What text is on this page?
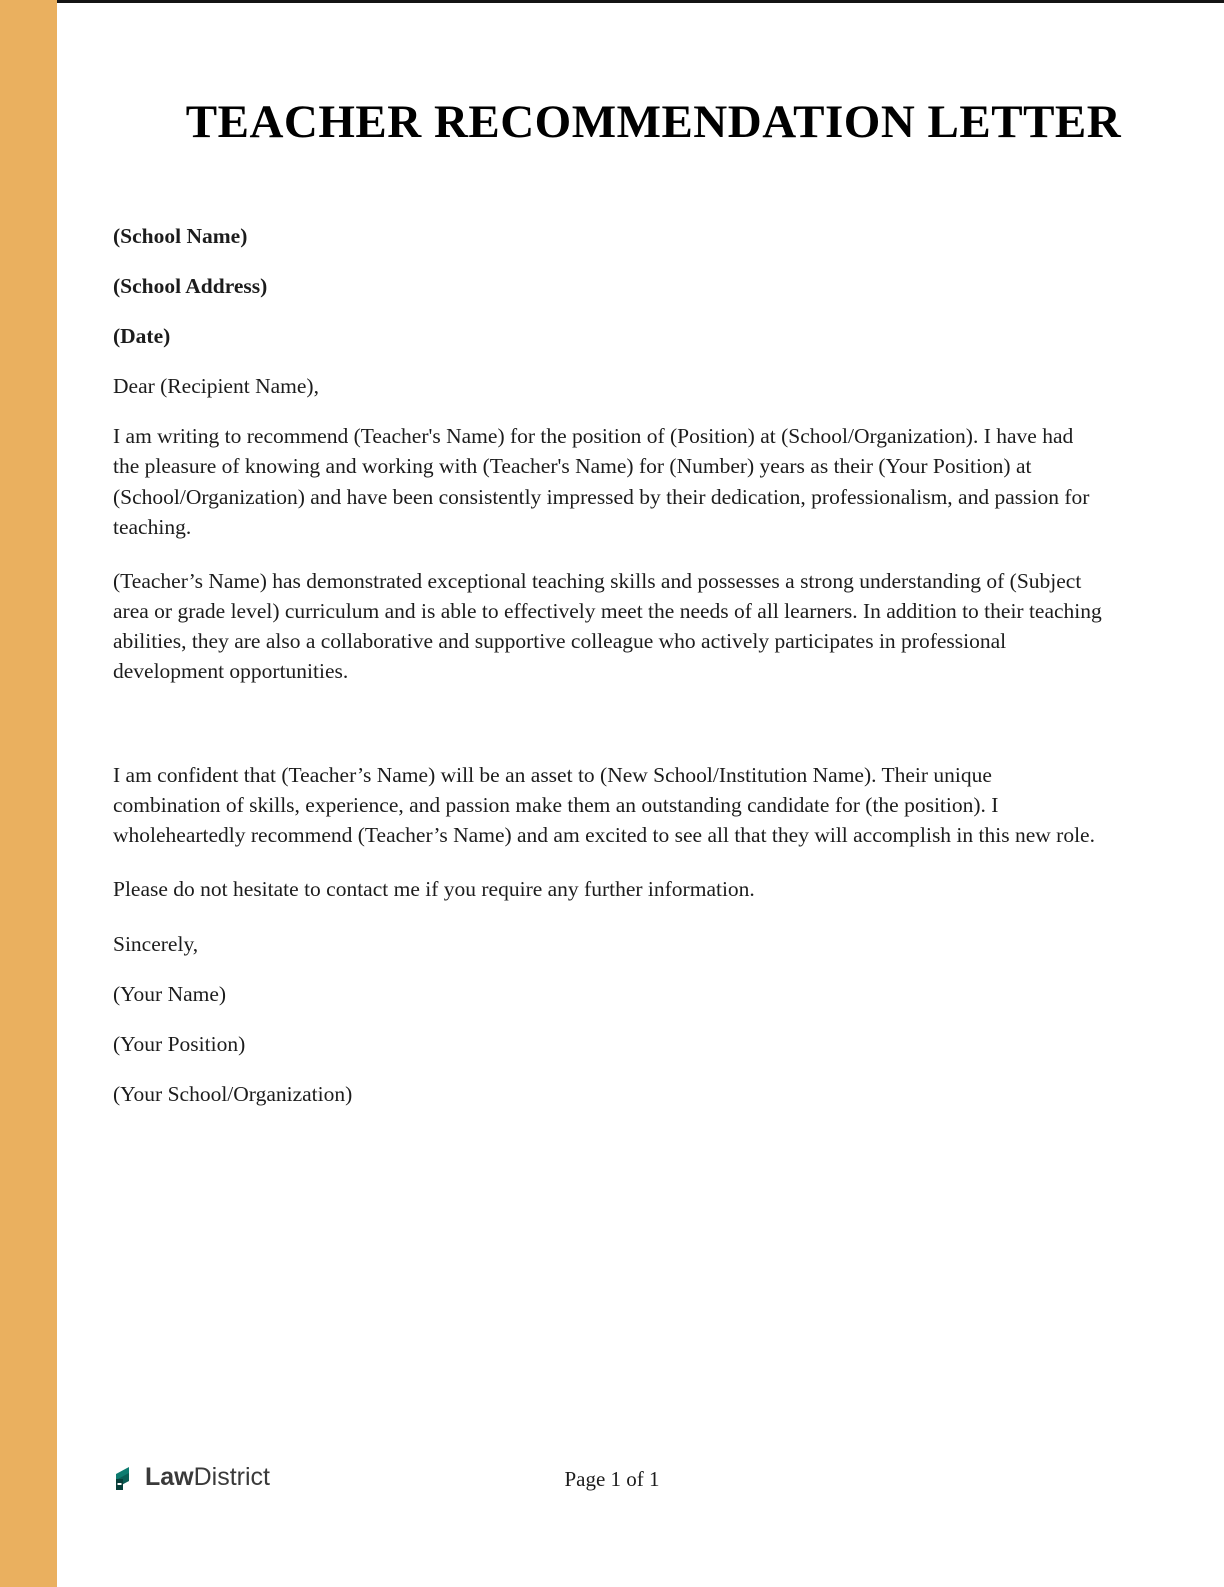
TEACHER RECOMMENDATION LETTER

(School Name)

(School Address)

(Date)

Dear (Recipient Name),

I am writing to recommend (Teacher's Name) for the position of (Position) at (School/Organization). I have had the pleasure of knowing and working with (Teacher's Name) for (Number) years as their (Your Position) at (School/Organization) and have been consistently impressed by their dedication, professionalism, and passion for teaching.

(Teacher’s Name) has demonstrated exceptional teaching skills and possesses a strong understanding of (Subject area or grade level) curriculum and is able to effectively meet the needs of all learners. In addition to their teaching abilities, they are also a collaborative and supportive colleague who actively participates in professional development opportunities.

I am confident that (Teacher’s Name) will be an asset to (New School/Institution Name). Their unique combination of skills, experience, and passion make them an outstanding candidate for (the position). I wholeheartedly recommend (Teacher’s Name) and am excited to see all that they will accomplish in this new role.

Please do not hesitate to contact me if you require any further information.

Sincerely,

(Your Name)

(Your Position)

(Your School/Organization)

LawDistrict	Page 1 of 1
